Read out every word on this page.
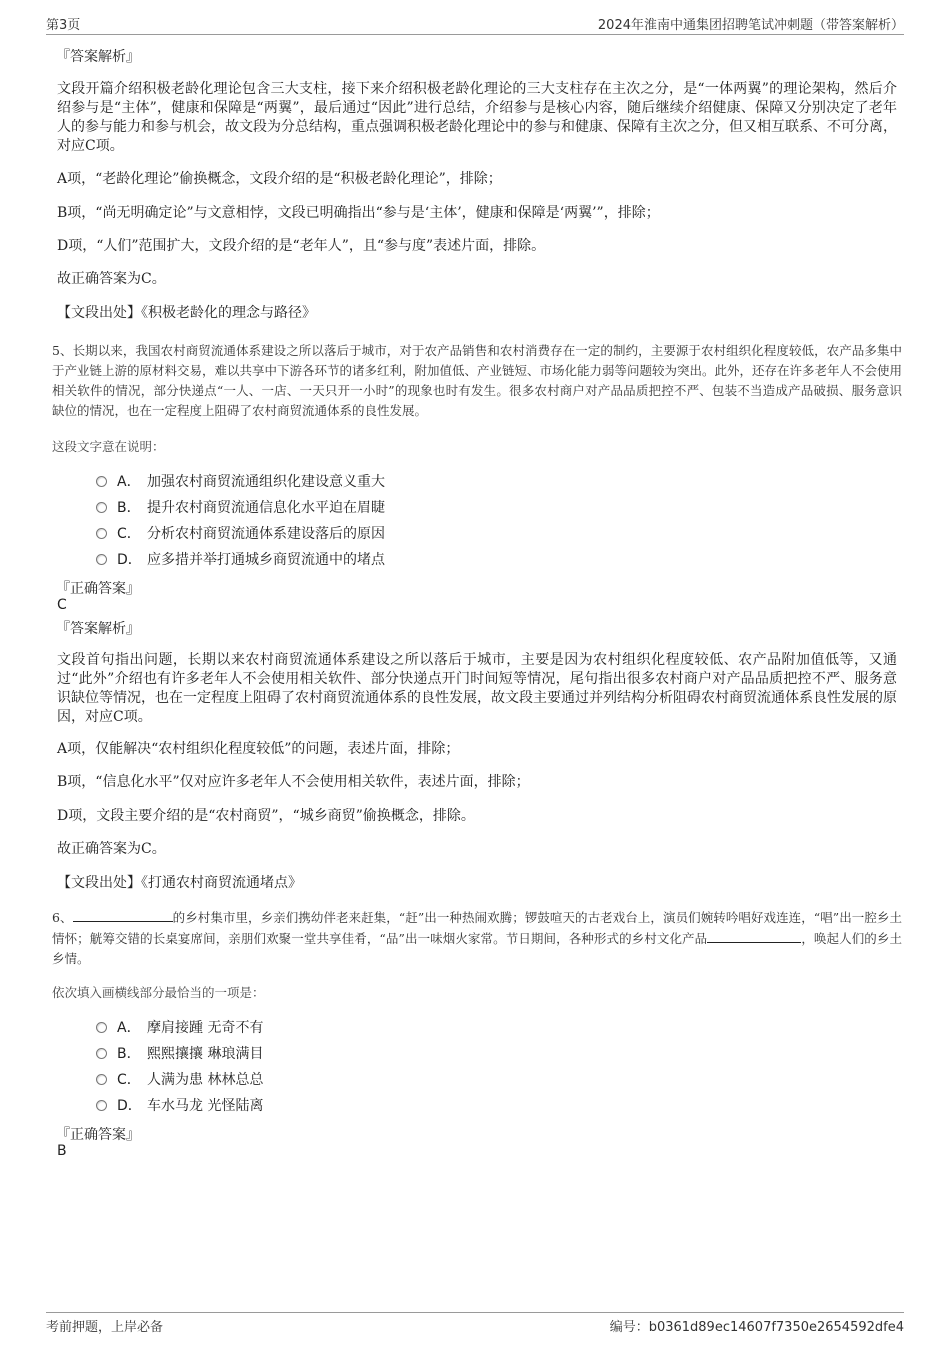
第3页	2024年淮南中通集团招聘笔试冲刺题（带答案解析）
『答案解析』
文段开篇介绍积极老龄化理论包含三大支柱，接下来介绍积极老龄化理论的三大支柱存在主次之分，是“一体两翼”的理论架构，然后介绍参与是“主体”，健康和保障是“两翼”，最后通过“因此”进行总结，介绍参与是核心内容，随后继续介绍健康、保障又分别决定了老年人的参与能力和参与机会，故文段为分总结构，重点强调积极老龄化理论中的参与和健康、保障有主次之分，但又相互联系、不可分离，对应C项。
A项，“老龄化理论”偷换概念，文段介绍的是“积极老龄化理论”，排除；
B项，“尚无明确定论”与文意相悖，文段已明确指出“参与是‘主体’，健康和保障是‘两翼’”，排除；
D项，“人们”范围扩大，文段介绍的是“老年人”，且“参与度”表述片面，排除。
故正确答案为C。
【文段出处】《积极老龄化的理念与路径》
5、长期以来，我国农村商贸流通体系建设之所以落后于城市，对于农产品销售和农村消费存在一定的制约，主要源于农村组织化程度较低，农产品多集中于产业链上游的原材料交易，难以共享中下游各环节的诸多红利，附加值低、产业链短、市场化能力弱等问题较为突出。此外，还存在许多老年人不会使用相关软件的情况，部分快递点“一人、一店、一天只开一小时”的现象也时有发生。很多农村商户对产品品质把控不严、包装不当造成产品破损、服务意识缺位的情况，也在一定程度上阻碍了农村商贸流通体系的良性发展。
这段文字意在说明：
A． 加强农村商贸流通组织化建设意义重大
B． 提升农村商贸流通信息化水平迫在眉睫
C． 分析农村商贸流通体系建设落后的原因
D． 应多措并举打通城乡商贸流通中的堵点
『正确答案』
C
『答案解析』
文段首句指出问题，长期以来农村商贸流通体系建设之所以落后于城市，主要是因为农村组织化程度较低、农产品附加值低等，又通过“此外”介绍也有许多老年人不会使用相关软件、部分快递点开门时间短等情况，尾句指出很多农村商户对产品品质把控不严、服务意识缺位等情况，也在一定程度上阻碍了农村商贸流通体系的良性发展，故文段主要通过并列结构分析阻碍农村商贸流通体系良性发展的原因，对应C项。
A项，仅能解决“农村组织化程度较低”的问题，表述片面，排除；
B项，“信息化水平”仅对应许多老年人不会使用相关软件，表述片面，排除；
D项，文段主要介绍的是“农村商贸”，“城乡商贸”偷换概念，排除。
故正确答案为C。
【文段出处】《打通农村商贸流通堵点》
6、	的乡村集市里，乡亲们携幼伴老来赶集，“赶”出一种热闹欢腾；锣鼓喧天的古老戏台上，演员们婉转吟唱好戏连连，“唱”出一腔乡土情怀；觥筹交错的长桌宴席间，亲朋们欢聚一堂共享佳肴，“品”出一味烟火家常。节日期间，各种形式的乡村文化产品	，唤起人们的乡土乡情。
依次填入画横线部分最恰当的一项是：
A． 摩肩接踵 无奇不有
B． 熙熙攘攘 琳琅满目
C． 人满为患 林林总总
D． 车水马龙 光怪陆离
『正确答案』
B
考前押题，上岸必备	编号：b0361d89ec14607f7350e2654592dfe4
